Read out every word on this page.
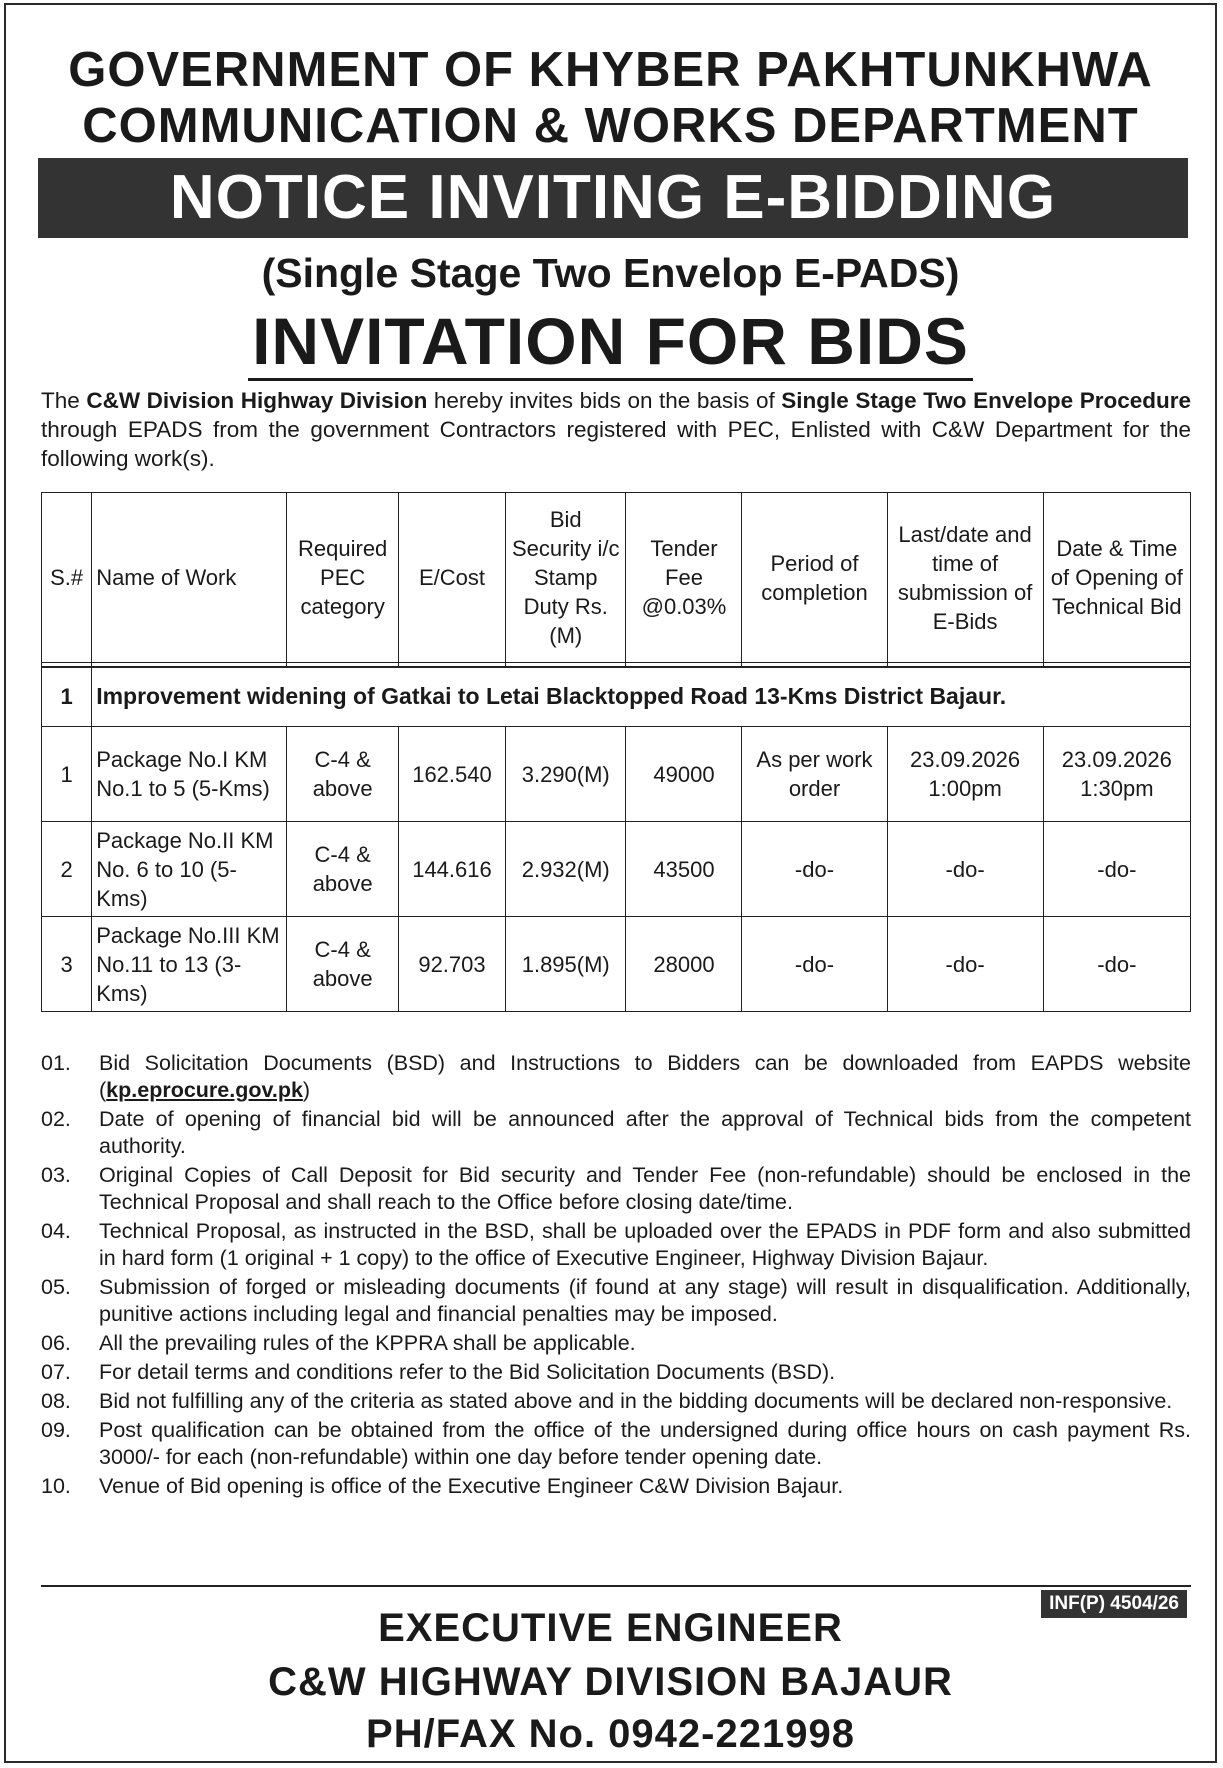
GOVERNMENT OF KHYBER PAKHTUNKHWA
COMMUNICATION & WORKS DEPARTMENT
NOTICE INVITING E-BIDDING
(Single Stage Two Envelop E-PADS)
INVITATION FOR BIDS
The C&W Division Highway Division hereby invites bids on the basis of Single Stage Two Envelope Procedure through EPADS from the government Contractors registered with PEC, Enlisted with C&W Department for the following work(s).
S.#	Name of Work	Required PEC category	E/Cost	Bid Security i/c Stamp Duty Rs. (M)	Tender Fee @0.03%	Period of completion	Last/date and time of submission of E-Bids	Date & Time of Opening of Technical Bid

1	Improvement widening of Gatkai to Letai Blacktopped Road 13-Kms District Bajaur.							
1	Package No.I KM No.1 to 5 (5-Kms)	C-4 & above	162.540	3.290(M)	49000	As per work order	23.09.2026 1:00pm	23.09.2026 1:30pm
2	Package No.II KM No. 6 to 10 (5-Kms)	C-4 & above	144.616	2.932(M)	43500	-do-	-do-	-do-
3	Package No.III KM No.11 to 13 (3-Kms)	C-4 & above	92.703	1.895(M)	28000	-do-	-do-	-do-
01. Bid Solicitation Documents (BSD) and Instructions to Bidders can be downloaded from EAPDS website (kp.eprocure.gov.pk)
02. Date of opening of financial bid will be announced after the approval of Technical bids from the competent authority.
03. Original Copies of Call Deposit for Bid security and Tender Fee (non-refundable) should be enclosed in the Technical Proposal and shall reach to the Office before closing date/time.
04. Technical Proposal, as instructed in the BSD, shall be uploaded over the EPADS in PDF form and also submitted in hard form (1 original + 1 copy) to the office of Executive Engineer, Highway Division Bajaur.
05. Submission of forged or misleading documents (if found at any stage) will result in disqualification. Additionally, punitive actions including legal and financial penalties may be imposed.
06. All the prevailing rules of the KPPRA shall be applicable.
07. For detail terms and conditions refer to the Bid Solicitation Documents (BSD).
08. Bid not fulfilling any of the criteria as stated above and in the bidding documents will be declared non-responsive.
09. Post qualification can be obtained from the office of the undersigned during office hours on cash payment Rs. 3000/- for each (non-refundable) within one day before tender opening date.
10. Venue of Bid opening is office of the Executive Engineer C&W Division Bajaur.
INF(P) 4504/26
EXECUTIVE ENGINEER
C&W HIGHWAY DIVISION BAJAUR
PH/FAX No. 0942-221998
